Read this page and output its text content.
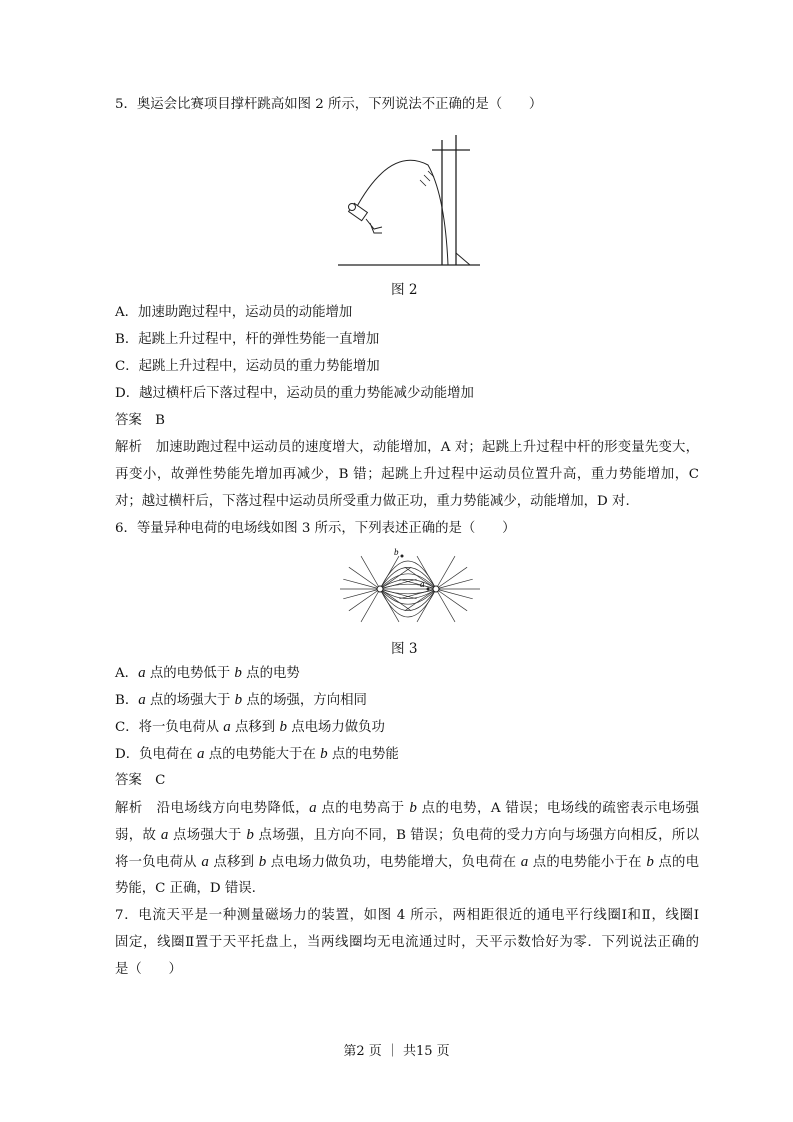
5．奥运会比赛项目撑杆跳高如图 2 所示，下列说法不正确的是（　　）
A．加速助跑过程中，运动员的动能增加
B．起跳上升过程中，杆的弹性势能一直增加
C．起跳上升过程中，运动员的重力势能增加
D．越过横杆后下落过程中，运动员的重力势能减少动能增加
答案　B
解析　加速助跑过程中运动员的速度增大，动能增加，A 对；起跳上升过程中杆的形变量先变大，
再变小，故弹性势能先增加再减少，B 错；起跳上升过程中运动员位置升高，重力势能增加，C
对；越过横杆后，下落过程中运动员所受重力做正功，重力势能减少，动能增加，D 对.
6．等量异种电荷的电场线如图 3 所示，下列表述正确的是（　　）
A．a 点的电势低于 b 点的电势
B．a 点的场强大于 b 点的场强，方向相同
C．将一负电荷从 a 点移到 b 点电场力做负功
D．负电荷在 a 点的电势能大于在 b 点的电势能
答案　C
解析　沿电场线方向电势降低，a 点的电势高于 b 点的电势，A 错误；电场线的疏密表示电场强
弱，故 a 点场强大于 b 点场强，且方向不同，B 错误；负电荷的受力方向与场强方向相反，所以
将一负电荷从 a 点移到 b 点电场力做负功，电势能增大，负电荷在 a 点的电势能小于在 b 点的电
势能，C 正确，D 错误.
7．电流天平是一种测量磁场力的装置，如图 4 所示，两相距很近的通电平行线圈Ⅰ和Ⅱ，线圈Ⅰ
固定，线圈Ⅱ置于天平托盘上，当两线圈均无电流通过时，天平示数恰好为零．下列说法正确的
是（　　）
图 2
a
b
图 3
第2 页 ｜ 共15 页
